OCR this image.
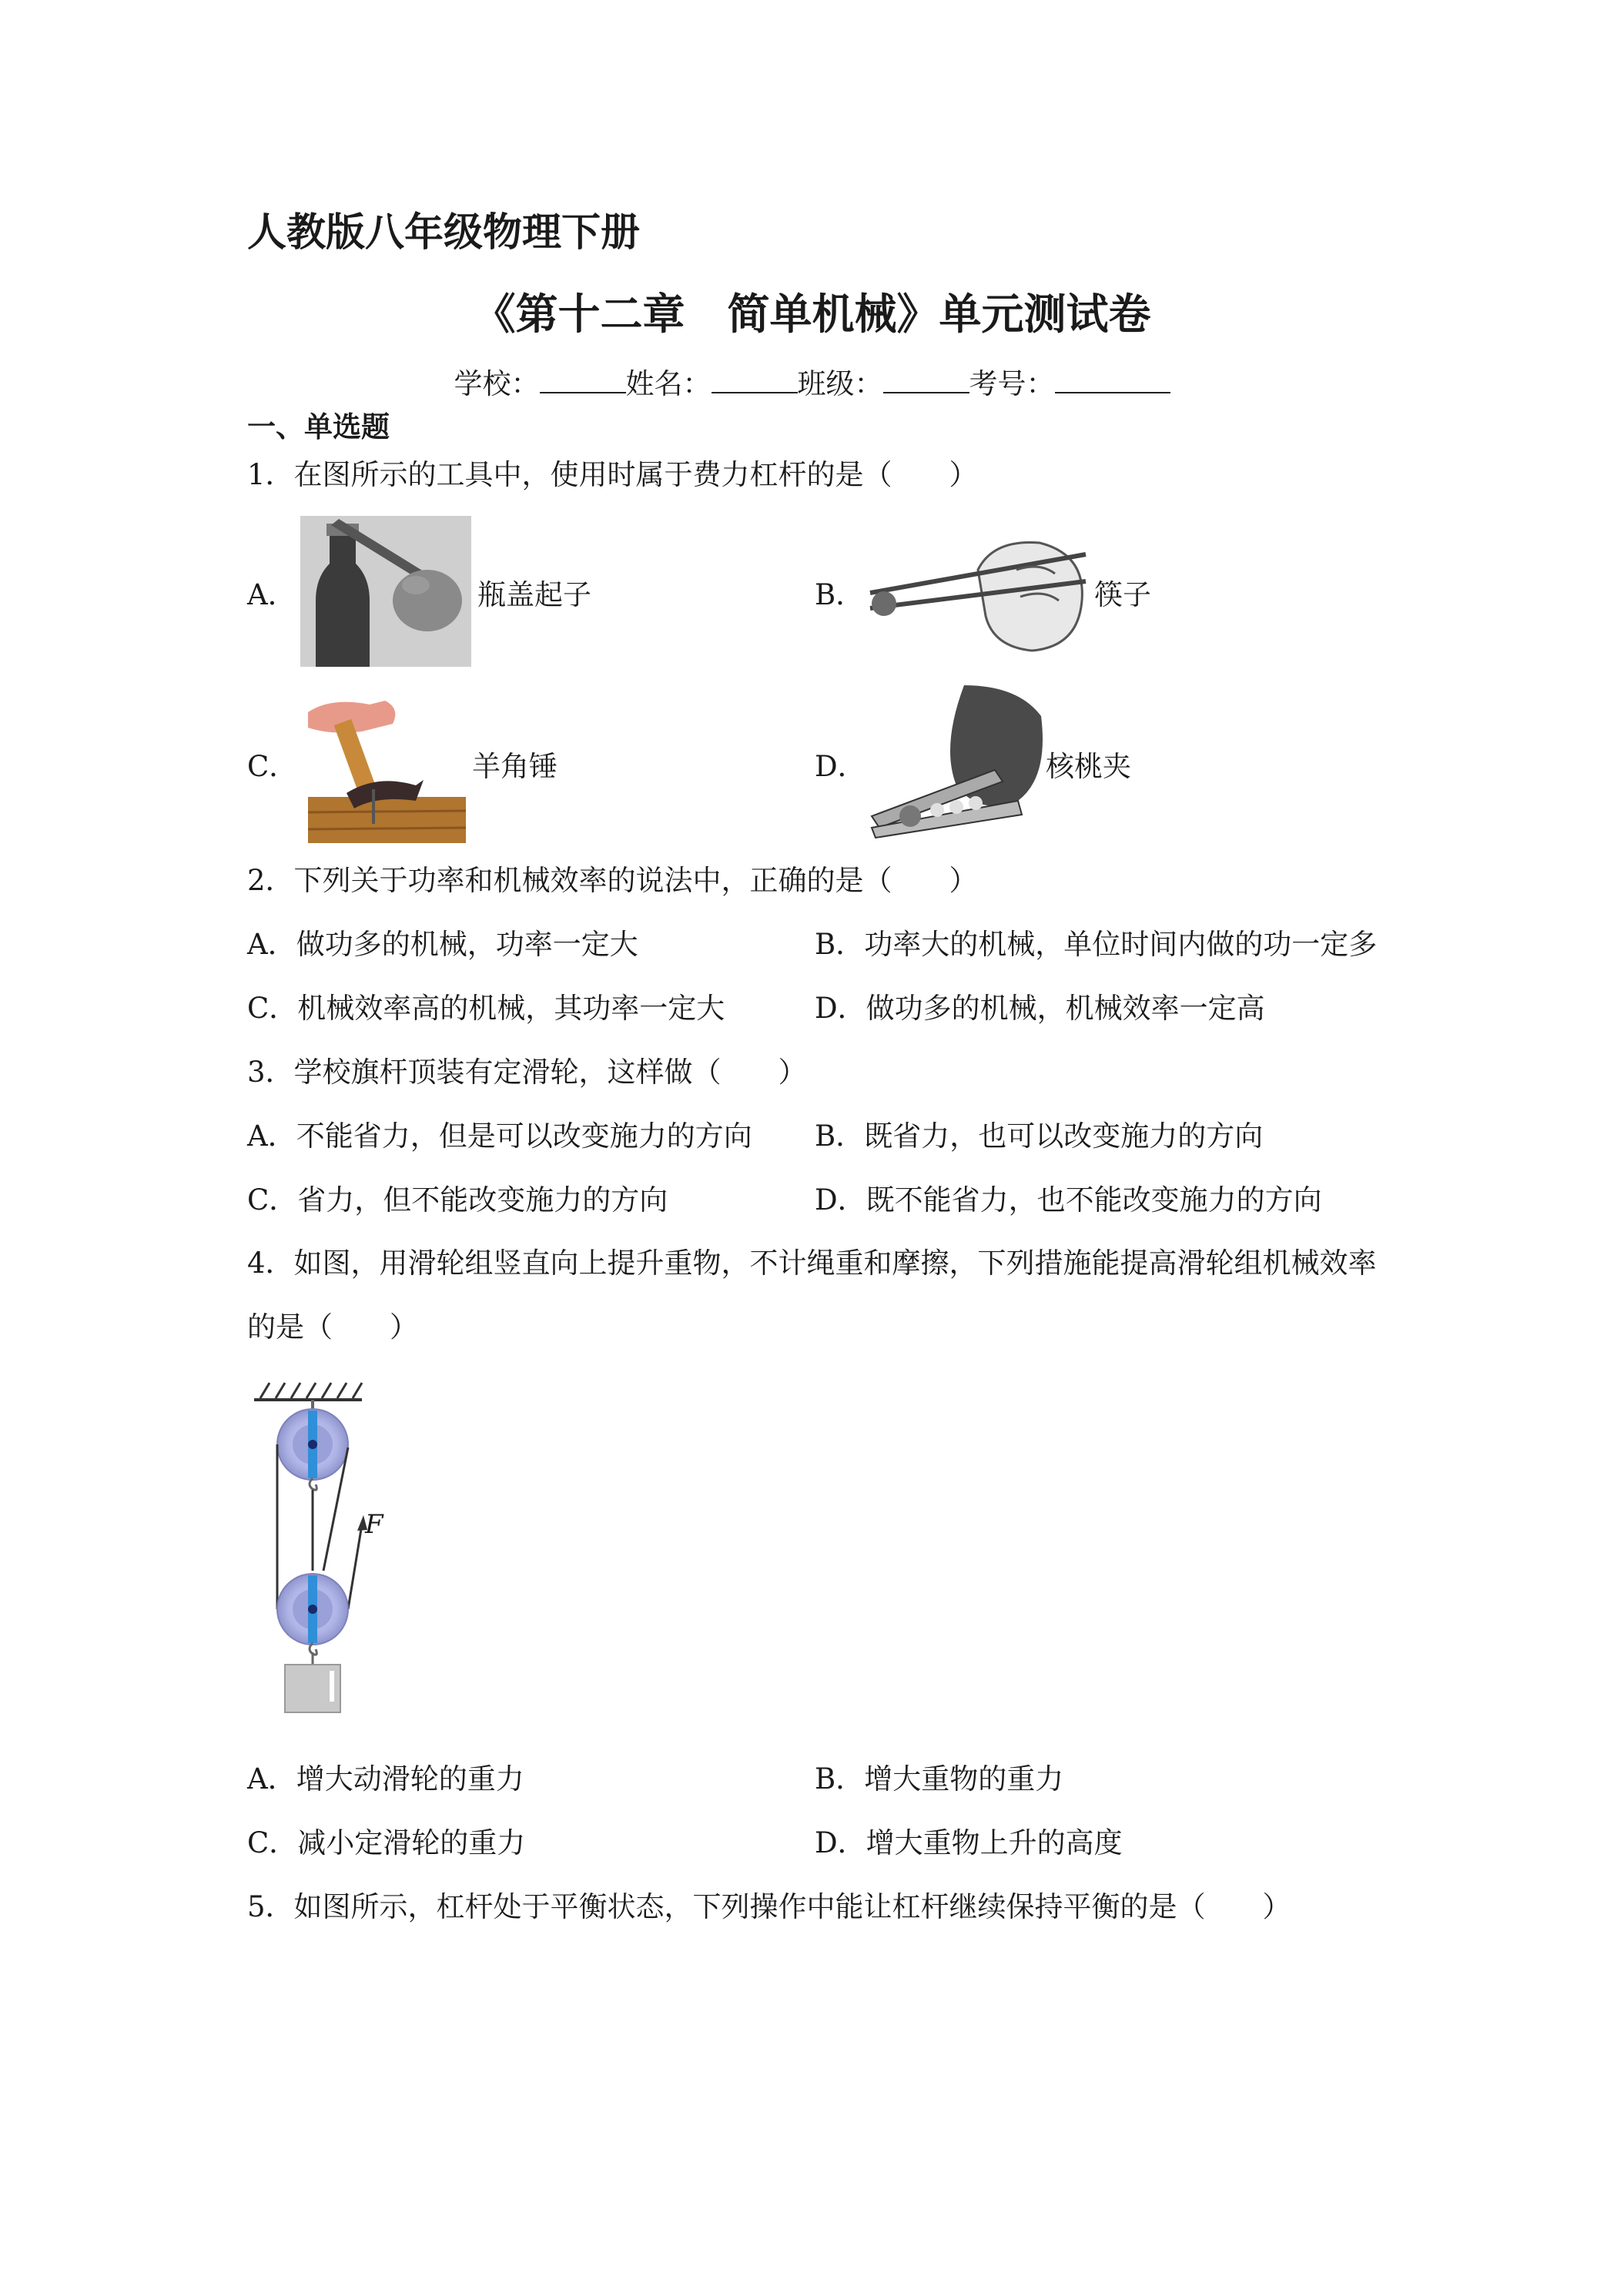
人教版八年级物理下册
《第十二章　简单机械》单元测试卷
学校：	姓名：	班级：	考号：
一、单选题
1．在图所示的工具中，使用时属于费力杠杆的是（　　）
A．	瓶盖起子	B．	筷子
C．	羊角锤	D．	核桃夹
2．下列关于功率和机械效率的说法中，正确的是（　　）
A．做功多的机械，功率一定大	B．功率大的机械，单位时间内做的功一定多
C．机械效率高的机械，其功率一定大	D．做功多的机械，机械效率一定高
3．学校旗杆顶装有定滑轮，这样做（　　）
A．不能省力，但是可以改变施力的方向 B．既省力，也可以改变施力的方向
C．省力，但不能改变施力的方向	D．既不能省力，也不能改变施力的方向
4．如图，用滑轮组竖直向上提升重物，不计绳重和摩擦，下列措施能提高滑轮组机械效率
的是（　　）
F
A．增大动滑轮的重力	B．增大重物的重力
C．减小定滑轮的重力	D．增大重物上升的高度
5．如图所示，杠杆处于平衡状态，下列操作中能让杠杆继续保持平衡的是（　　）
